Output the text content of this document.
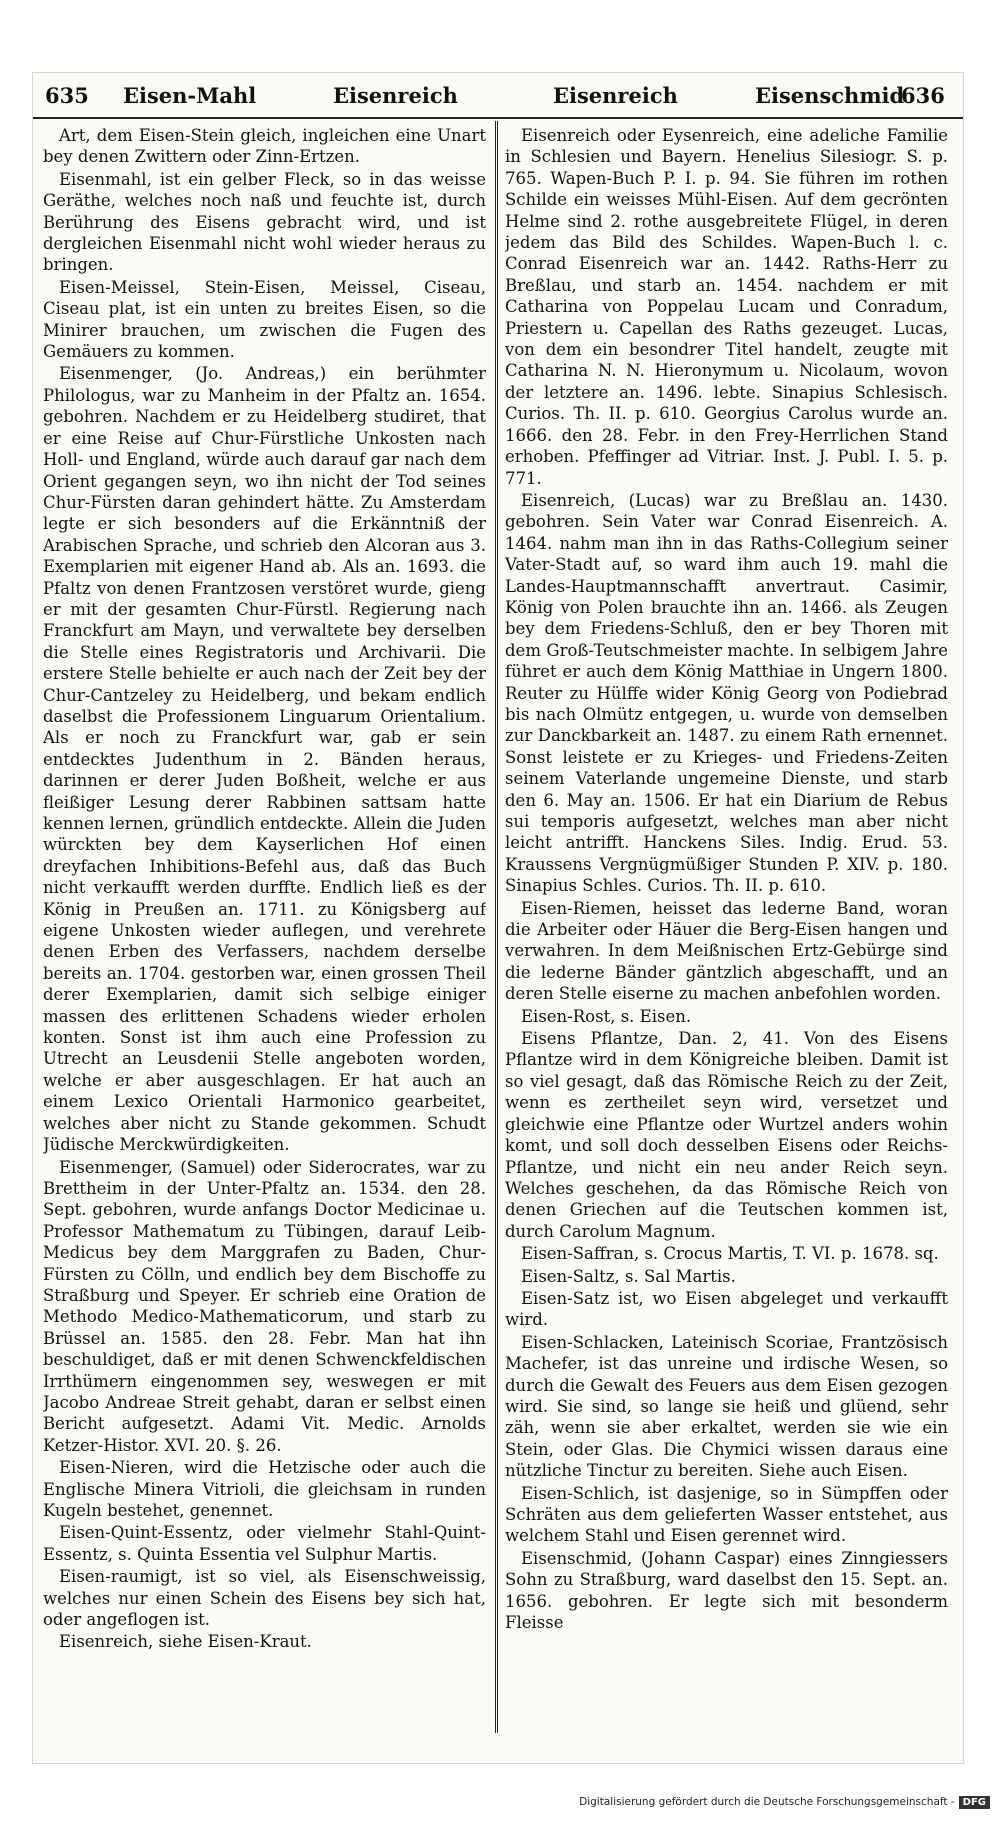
635 Eisen-Mahl	Eisenreich	Eisenreich	Eisenschmid
636

Art, dem Eisen-Stein gleich, ingleichen eine Unart bey denen Zwittern oder Zinn-Ertzen.

Eisenmahl, ist ein gelber Fleck, so in das weisse Geräthe, welches noch naß und feuchte ist, durch Berührung des Eisens gebracht wird, und ist dergleichen Eisenmahl nicht wohl wieder heraus zu bringen.

Eisen-Meissel, Stein-Eisen, Meissel, Ciseau, Ciseau plat, ist ein unten zu breites Eisen, so die Minirer brauchen, um zwischen die Fugen des Gemäuers zu kommen.

Eisenmenger, (Jo. Andreas,) ein berühmter Philologus, war zu Manheim in der Pfaltz an. 1654. gebohren. Nachdem er zu Heidelberg studiret, that er eine Reise auf Chur-Fürstliche Unkosten nach Holl- und England, würde auch darauf gar nach dem Orient gegangen seyn, wo ihn nicht der Tod seines Chur-Fürsten daran gehindert hätte. Zu Amsterdam legte er sich besonders auf die Erkänntniß der Arabischen Sprache, und schrieb den Alcoran aus 3. Exemplarien mit eigener Hand ab. Als an. 1693. die Pfaltz von denen Frantzosen verstöret wurde, gieng er mit der gesamten Chur-Fürstl. Regierung nach Franckfurt am Mayn, und verwaltete bey derselben die Stelle eines Registratoris und Archivarii. Die erstere Stelle behielte er auch nach der Zeit bey der Chur-Cantzeley zu Heidelberg, und bekam endlich daselbst die Professionem Linguarum Orientalium. Als er noch zu Franckfurt war, gab er sein entdecktes Judenthum in 2. Bänden heraus, darinnen er derer Juden Boßheit, welche er aus fleißiger Lesung derer Rabbinen sattsam hatte kennen lernen, gründlich entdeckte. Allein die Juden würckten bey dem Kayserlichen Hof einen dreyfachen Inhibitions-Befehl aus, daß das Buch nicht verkaufft werden durffte. Endlich ließ es der König in Preußen an. 1711. zu Königsberg auf eigene Unkosten wieder auflegen, und verehrete denen Erben des Verfassers, nachdem derselbe bereits an. 1704. gestorben war, einen grossen Theil derer Exemplarien, damit sich selbige einiger massen des erlittenen Schadens wieder erholen konten. Sonst ist ihm auch eine Profession zu Utrecht an Leusdenii Stelle angeboten worden, welche er aber ausgeschlagen. Er hat auch an einem Lexico Orientali Harmonico gearbeitet, welches aber nicht zu Stande gekommen. Schudt Jüdische Merckwürdigkeiten.

Eisenmenger, (Samuel) oder Siderocrates, war zu Brettheim in der Unter-Pfaltz an. 1534. den 28. Sept. gebohren, wurde anfangs Doctor Medicinae u. Professor Mathematum zu Tübingen, darauf Leib-Medicus bey dem Marggrafen zu Baden, Chur-Fürsten zu Cölln, und endlich bey dem Bischoffe zu Straßburg und Speyer. Er schrieb eine Oration de Methodo Medico-Mathematicorum, und starb zu Brüssel an. 1585. den 28. Febr. Man hat ihn beschuldiget, daß er mit denen Schwenckfeldischen Irrthümern eingenommen sey, weswegen er mit Jacobo Andreae Streit gehabt, daran er selbst einen Bericht aufgesetzt. Adami Vit. Medic. Arnolds Ketzer-Histor. XVI. 20. §. 26.

Eisen-Nieren, wird die Hetzische oder auch die Englische Minera Vitrioli, die gleichsam in runden Kugeln bestehet, genennet.

Eisen-Quint-Essentz, oder vielmehr Stahl-Quint-Essentz, s. Quinta Essentia vel Sulphur Martis.

Eisen-raumigt, ist so viel, als Eisenschweissig, welches nur einen Schein des Eisens bey sich hat, oder angeflogen ist.

Eisenreich, siehe Eisen-Kraut.

Eisenreich oder Eysenreich, eine adeliche Familie in Schlesien und Bayern. Henelius Silesiogr. S. p. 765. Wapen-Buch P. I. p. 94. Sie führen im rothen Schilde ein weisses Mühl-Eisen. Auf dem gecrönten Helme sind 2. rothe ausgebreitete Flügel, in deren jedem das Bild des Schildes. Wapen-Buch l. c. Conrad Eisenreich war an. 1442. Raths-Herr zu Breßlau, und starb an. 1454. nachdem er mit Catharina von Poppelau Lucam und Conradum, Priestern u. Capellan des Raths gezeuget. Lucas, von dem ein besondrer Titel handelt, zeugte mit Catharina N. N. Hieronymum u. Nicolaum, wovon der letztere an. 1496. lebte. Sinapius Schlesisch. Curios. Th. II. p. 610. Georgius Carolus wurde an. 1666. den 28. Febr. in den Frey-Herrlichen Stand erhoben. Pfeffinger ad Vitriar. Inst. J. Publ. I. 5. p. 771.

Eisenreich, (Lucas) war zu Breßlau an. 1430. gebohren. Sein Vater war Conrad Eisenreich. A. 1464. nahm man ihn in das Raths-Collegium seiner Vater-Stadt auf, so ward ihm auch 19. mahl die Landes-Hauptmannschafft anvertraut. Casimir, König von Polen brauchte ihn an. 1466. als Zeugen bey dem Friedens-Schluß, den er bey Thoren mit dem Groß-Teutschmeister machte. In selbigem Jahre führet er auch dem König Matthiae in Ungern 1800. Reuter zu Hülffe wider König Georg von Podiebrad bis nach Olmütz entgegen, u. wurde von demselben zur Danckbarkeit an. 1487. zu einem Rath ernennet. Sonst leistete er zu Krieges- und Friedens-Zeiten seinem Vaterlande ungemeine Dienste, und starb den 6. May an. 1506. Er hat ein Diarium de Rebus sui temporis aufgesetzt, welches man aber nicht leicht antrifft. Hanckens Siles. Indig. Erud. 53. Kraussens Vergnügmüßiger Stunden P. XIV. p. 180. Sinapius Schles. Curios. Th. II. p. 610.

Eisen-Riemen, heisset das lederne Band, woran die Arbeiter oder Häuer die Berg-Eisen hangen und verwahren. In dem Meißnischen Ertz-Gebürge sind die lederne Bänder gäntzlich abgeschafft, und an deren Stelle eiserne zu machen anbefohlen worden.

Eisen-Rost, s. Eisen.

Eisens Pflantze, Dan. 2, 41. Von des Eisens Pflantze wird in dem Königreiche bleiben. Damit ist so viel gesagt, daß das Römische Reich zu der Zeit, wenn es zertheilet seyn wird, versetzet und gleichwie eine Pflantze oder Wurtzel anders wohin komt, und soll doch desselben Eisens oder Reichs-Pflantze, und nicht ein neu ander Reich seyn. Welches geschehen, da das Römische Reich von denen Griechen auf die Teutschen kommen ist, durch Carolum Magnum.

Eisen-Saffran, s. Crocus Martis, T. VI. p. 1678. sq.

Eisen-Saltz, s. Sal Martis.

Eisen-Satz ist, wo Eisen abgeleget und verkaufft wird.

Eisen-Schlacken, Lateinisch Scoriae, Frantzösisch Machefer, ist das unreine und irdische Wesen, so durch die Gewalt des Feuers aus dem Eisen gezogen wird. Sie sind, so lange sie heiß und glüend, sehr zäh, wenn sie aber erkaltet, werden sie wie ein Stein, oder Glas. Die Chymici wissen daraus eine nützliche Tinctur zu bereiten. Siehe auch Eisen.

Eisen-Schlich, ist dasjenige, so in Sümpffen oder Schräten aus dem gelieferten Wasser entstehet, aus welchem Stahl und Eisen gerennet wird.

Eisenschmid, (Johann Caspar) eines Zinngiessers Sohn zu Straßburg, ward daselbst den 15. Sept. an. 1656. gebohren. Er legte sich mit besonderm Fleisse

Digitalisierung gefördert durch die Deutsche Forschungsgemeinschaft - DFG
